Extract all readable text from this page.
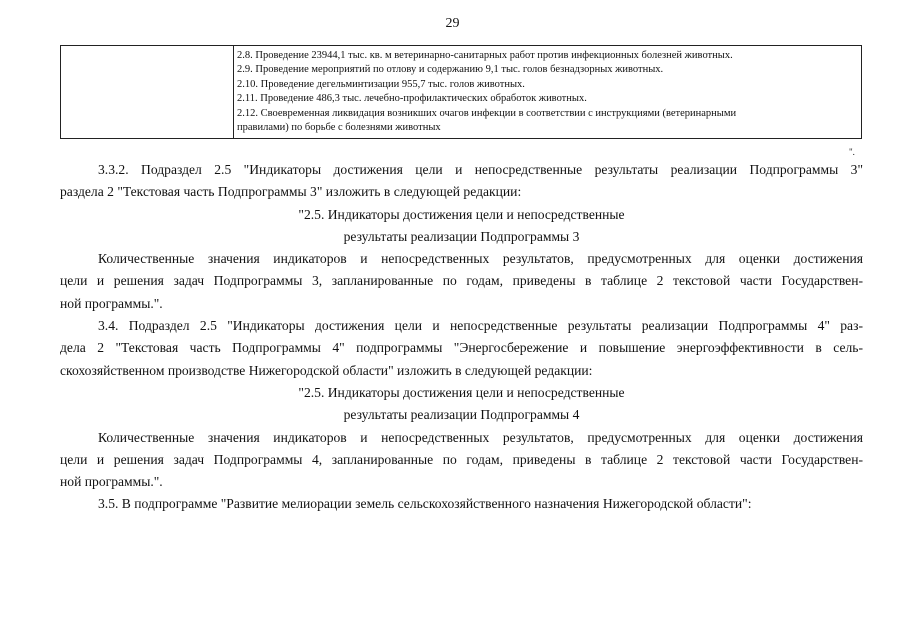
29

2.8. Проведение 23944,1 тыс. кв. м ветеринарно-санитарных работ против инфекционных болезней животных.
2.9. Проведение мероприятий по отлову и содержанию 9,1 тыс. голов безнадзорных животных.
2.10. Проведение дегельминтизации 955,7 тыс. голов животных.
2.11. Проведение 486,3 тыс. лечебно-профилактических обработок животных.
2.12. Своевременная ликвидация возникших очагов инфекции в соответствии с инструкциями (ветеринарными
правилами) по борьбе с болезнями животных
".
3.3.2. Подраздел 2.5 "Индикаторы достижения цели и непосредственные результаты реализации Подпрограммы 3"
раздела 2 "Текстовая часть Подпрограммы 3" изложить в следующей редакции:
"2.5. Индикаторы достижения цели и непосредственные
результаты реализации Подпрограммы 3
Количественные значения индикаторов и непосредственных результатов, предусмотренных для оценки достижения
цели и решения задач Подпрограммы 3, запланированные по годам, приведены в таблице 2 текстовой части Государствен-
ной программы.".
3.4. Подраздел 2.5 "Индикаторы достижения цели и непосредственные результаты реализации Подпрограммы 4" раз-
дела 2 "Текстовая часть Подпрограммы 4" подпрограммы "Энергосбережение и повышение энергоэффективности в сель-
скохозяйственном производстве Нижегородской области" изложить в следующей редакции:
"2.5. Индикаторы достижения цели и непосредственные
результаты реализации Подпрограммы 4
Количественные значения индикаторов и непосредственных результатов, предусмотренных для оценки достижения
цели и решения задач Подпрограммы 4, запланированные по годам, приведены в таблице 2 текстовой части Государствен-
ной программы.".
3.5. В подпрограмме "Развитие мелиорации земель сельскохозяйственного назначения Нижегородской области":
